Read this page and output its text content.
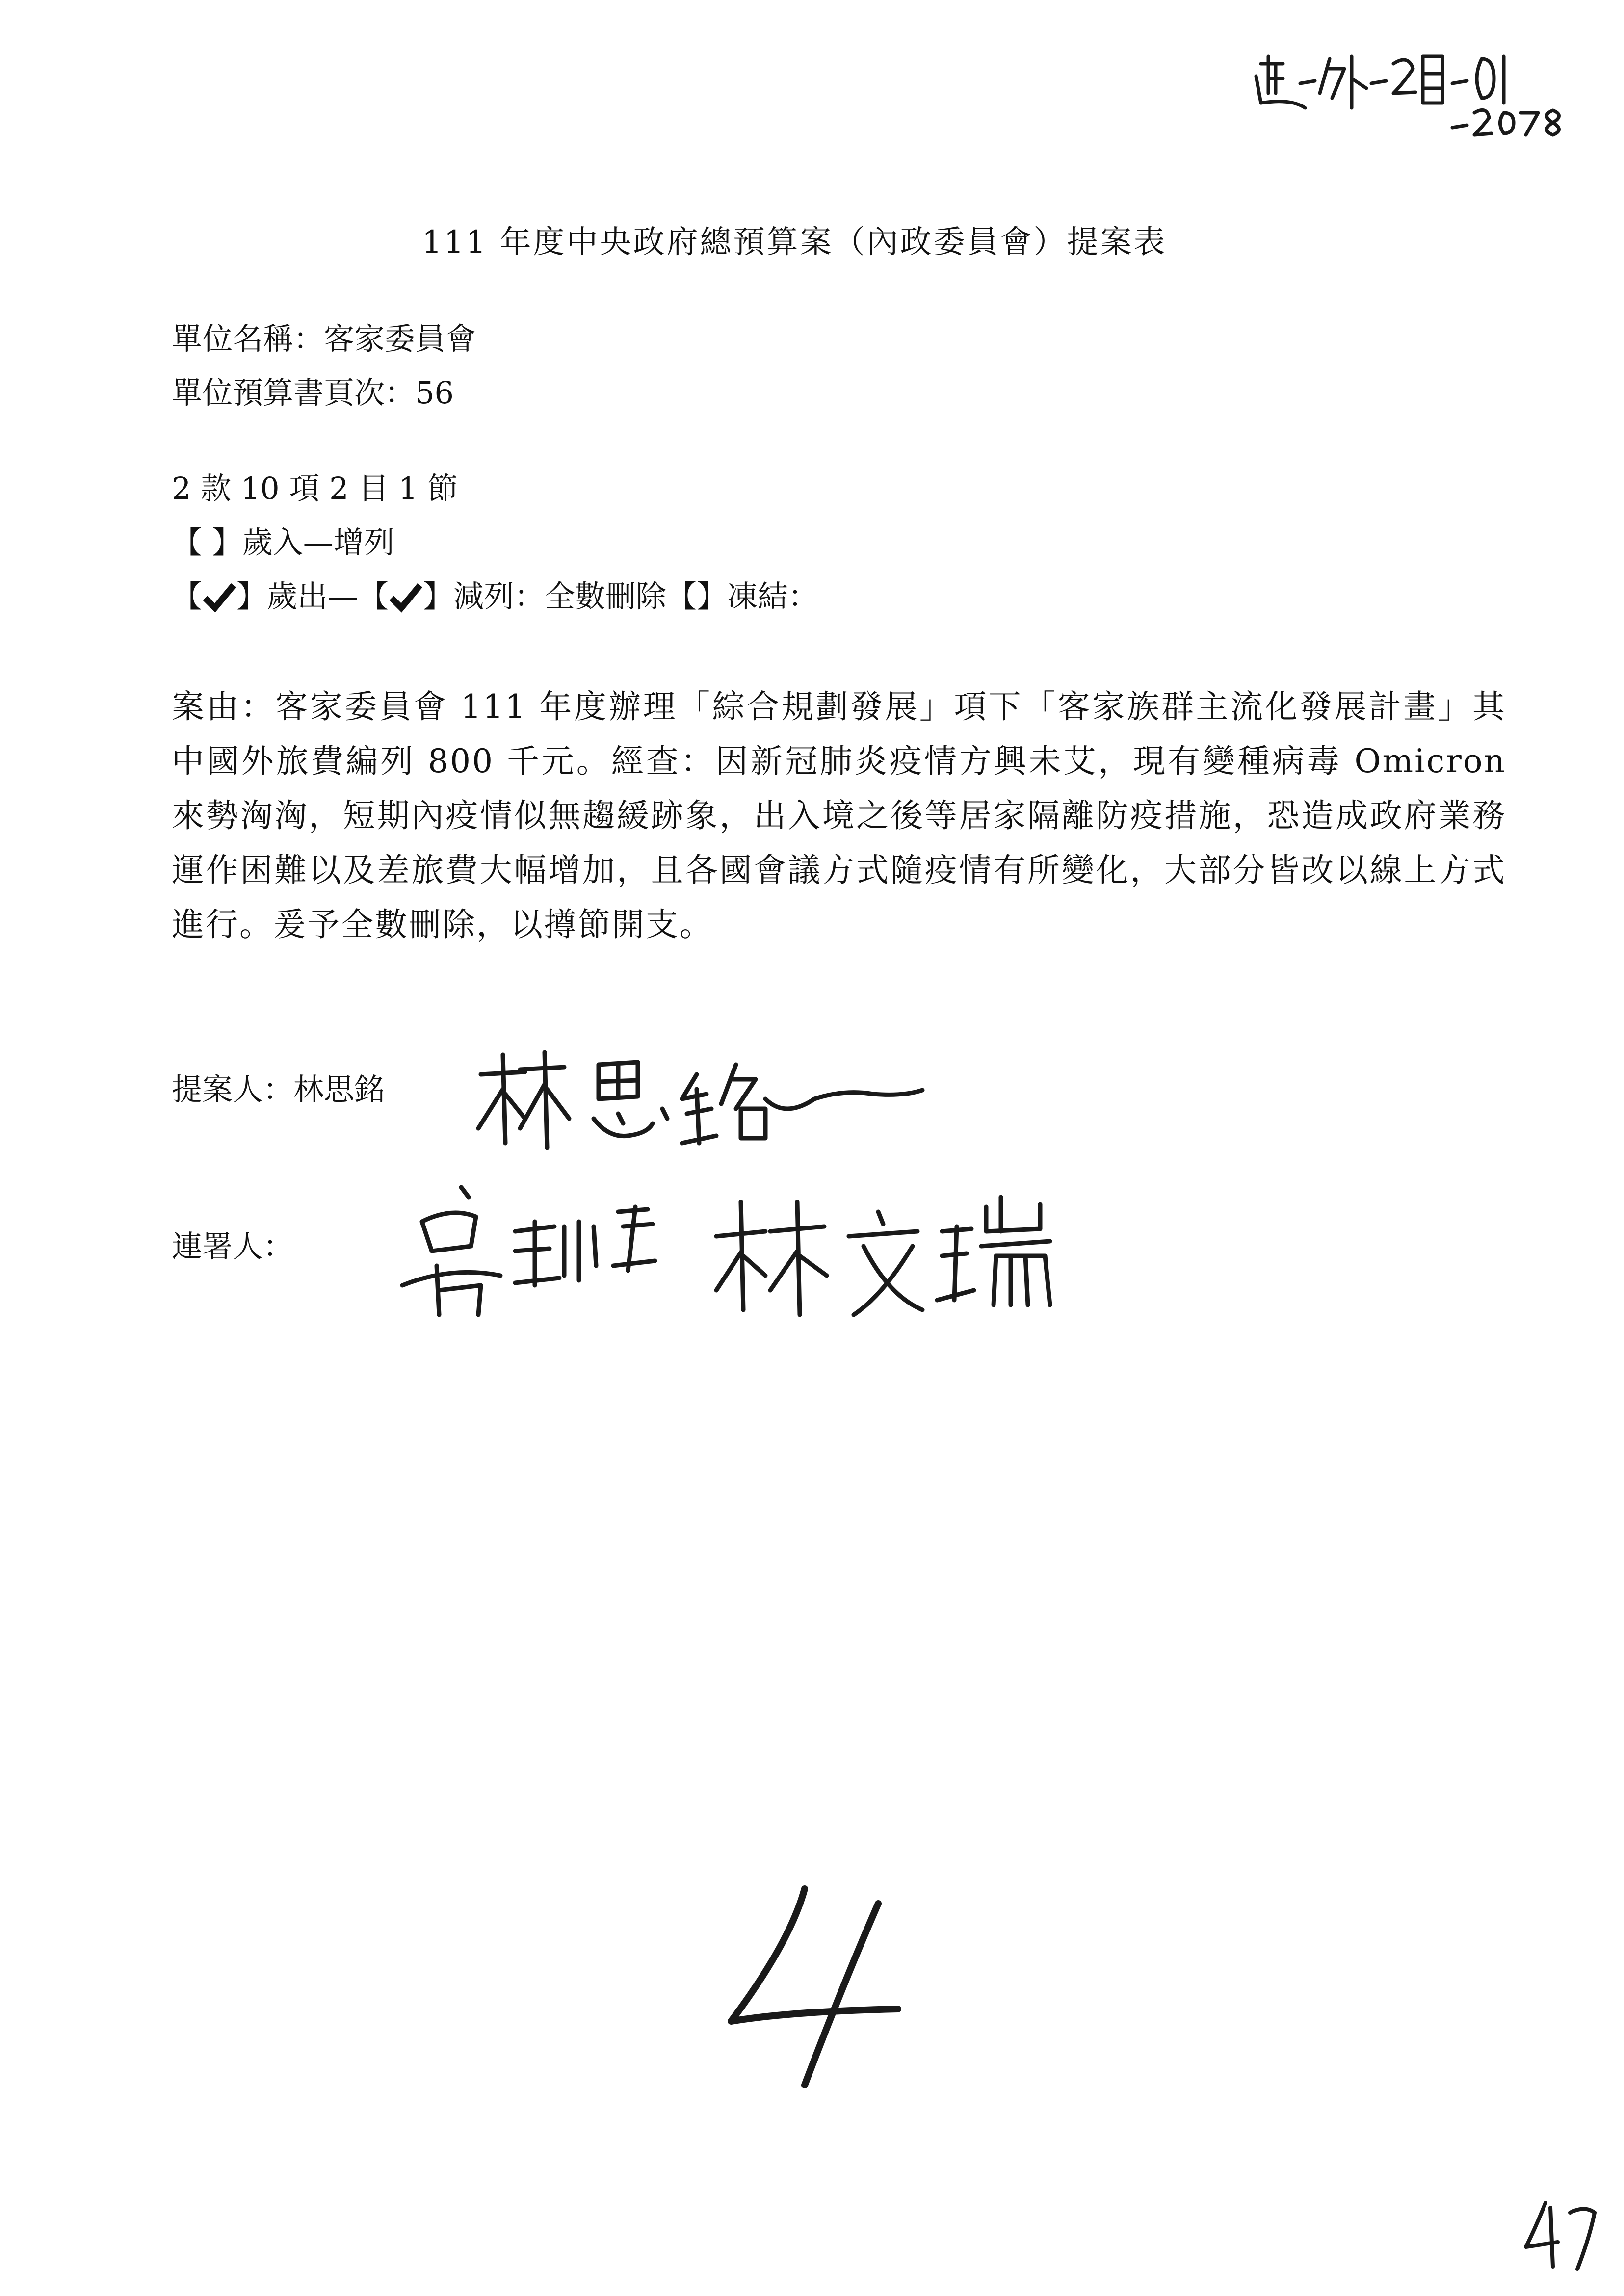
111 年度中央政府總預算案（內政委員會）提案表
單位名稱：客家委員會
單位預算書頁次：56
2 款 10 項 2 目 1 節
【 】歲入—增列
【 】歲出—【 】減列：全數刪除【】凍結：
案由：客家委員會 111 年度辦理「綜合規劃發展」項下「客家族群主流化發展計畫」其中國外旅費編列 800 千元。經查：因新冠肺炎疫情方興未艾，現有變種病毒 Omicron 來勢洶洶，短期內疫情似無趨緩跡象，出入境之後等居家隔離防疫措施，恐造成政府業務運作困難以及差旅費大幅增加，且各國會議方式隨疫情有所變化，大部分皆改以線上方式進行。爰予全數刪除，以撙節開支。
提案人：林思銘
連署人：
